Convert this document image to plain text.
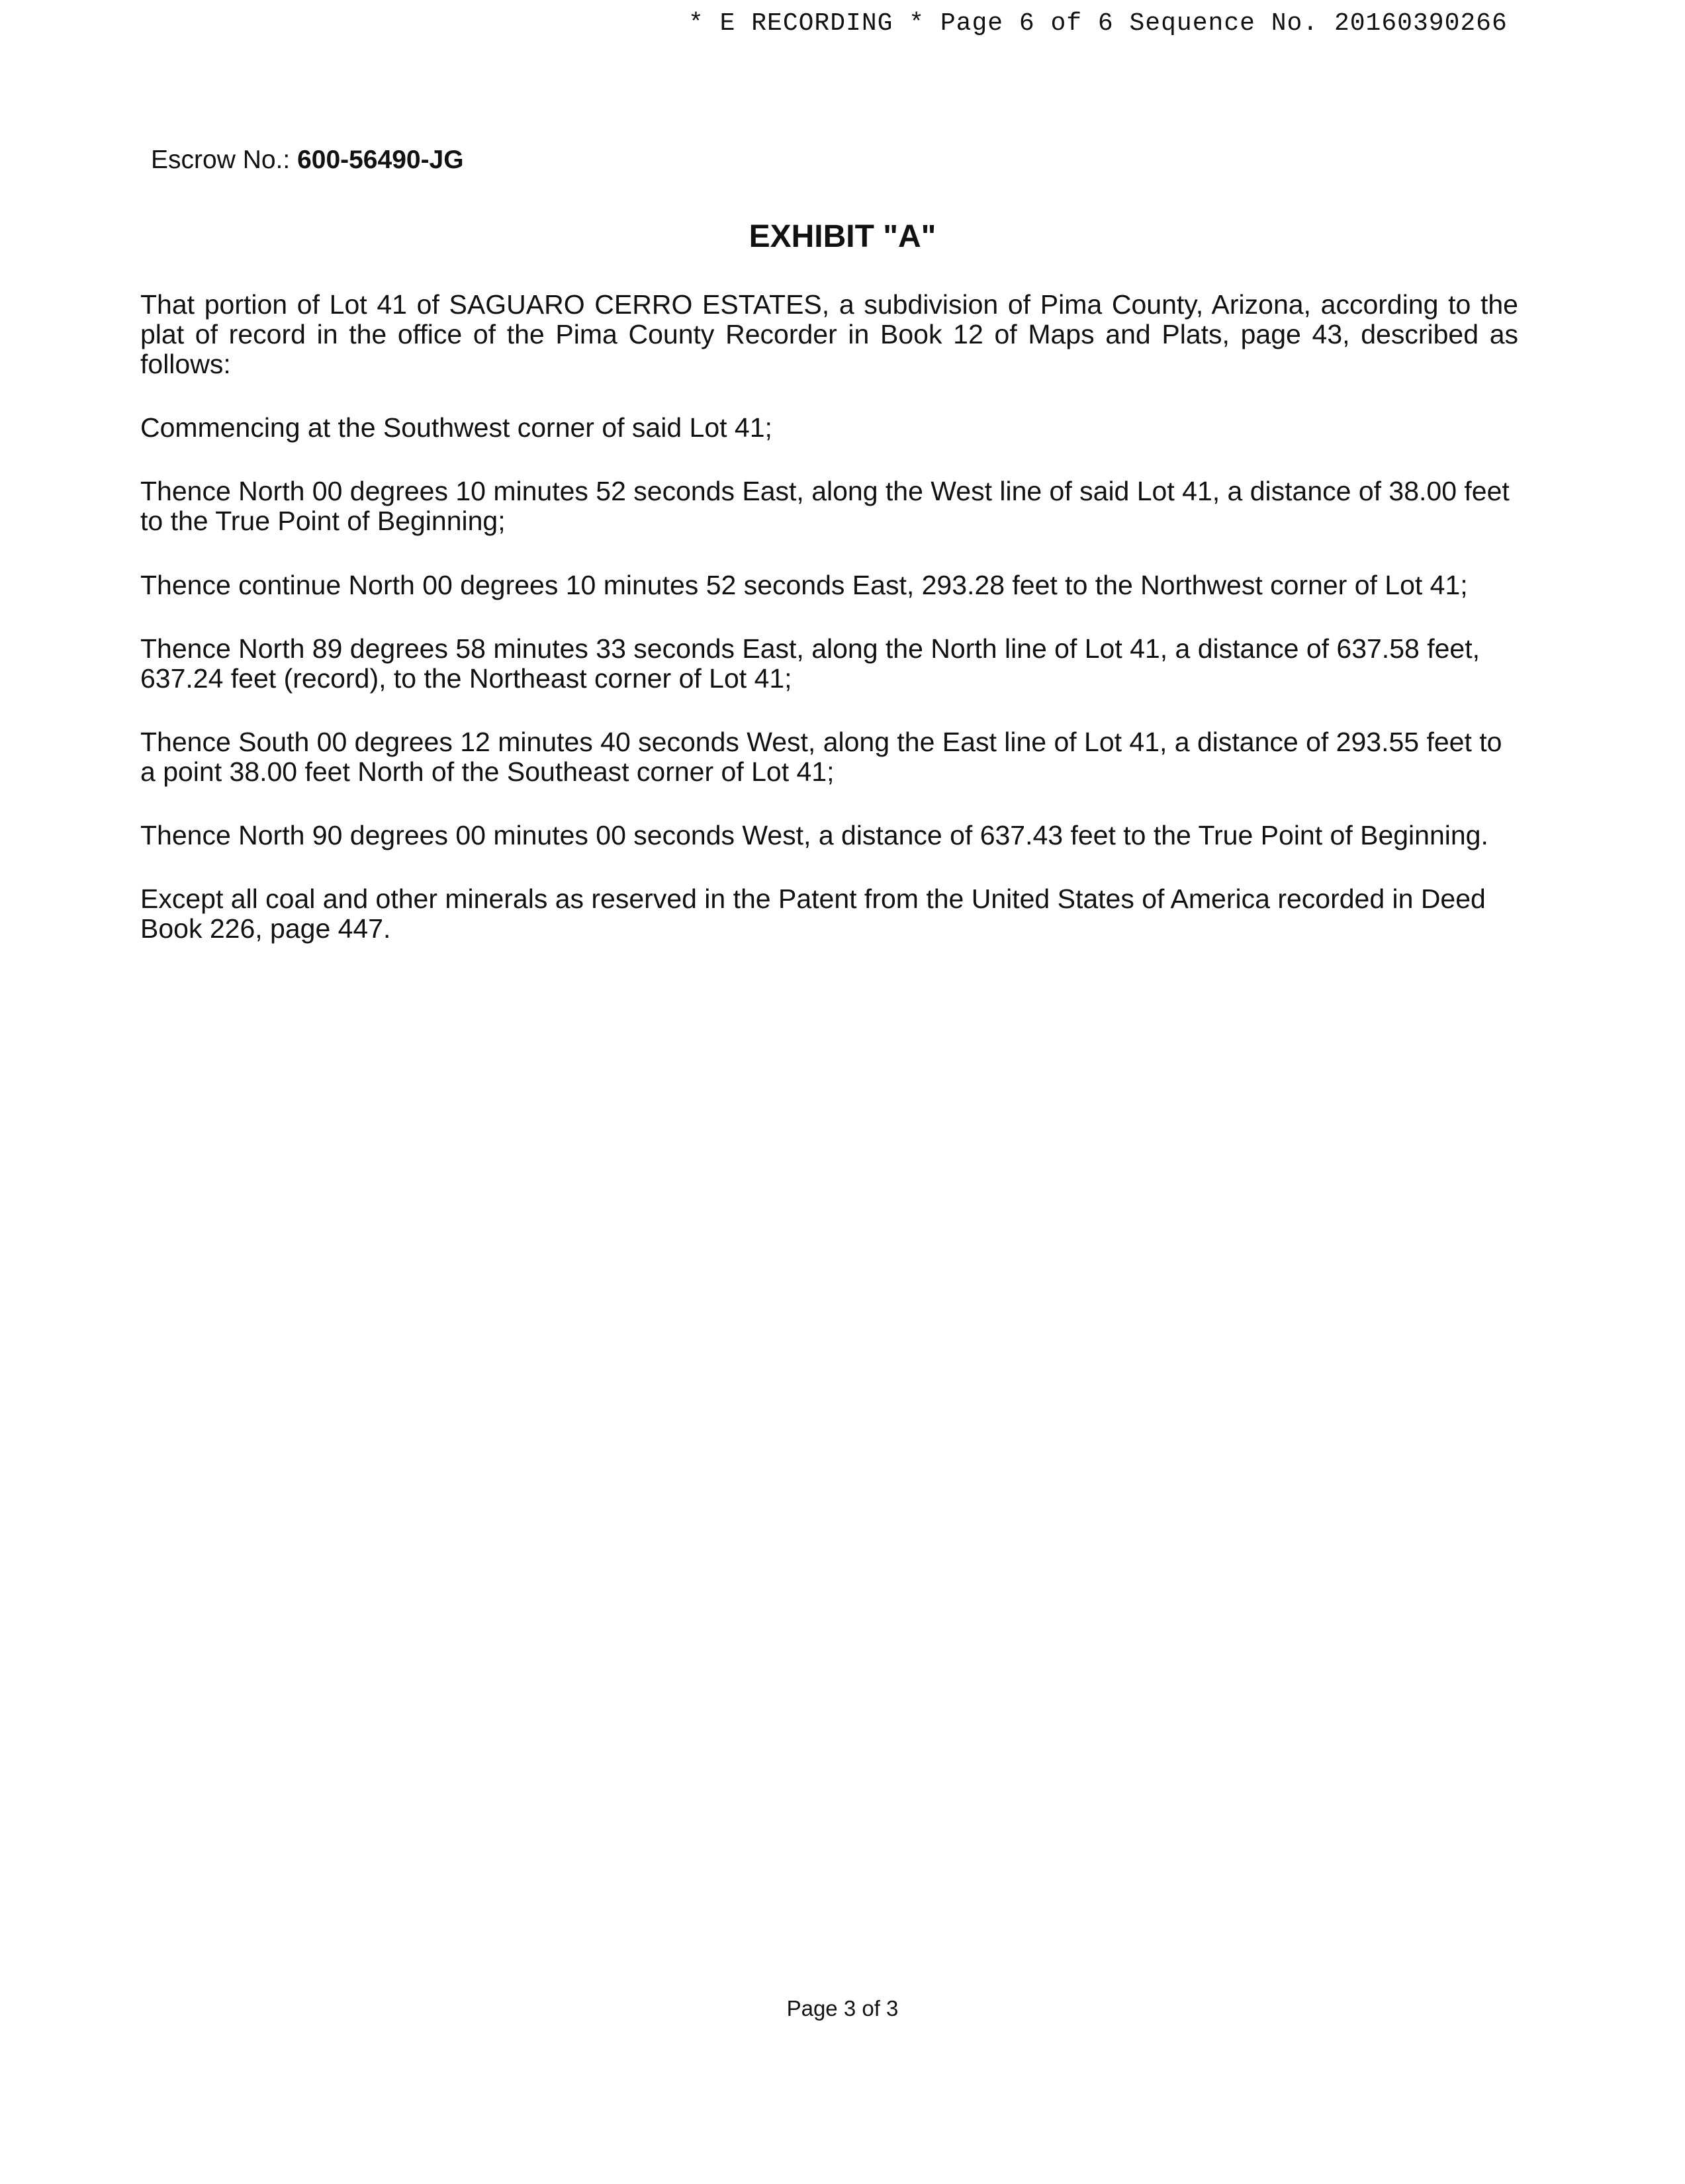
* E RECORDING * Page 6 of 6 Sequence No. 20160390266
Escrow No.: 600-56490-JG
EXHIBIT "A"

That portion of Lot 41 of SAGUARO CERRO ESTATES, a subdivision of Pima County, Arizona, according to the plat of record in the office of the Pima County Recorder in Book 12 of Maps and Plats, page 43, described as follows:

Commencing at the Southwest corner of said Lot 41;

Thence North 00 degrees 10 minutes 52 seconds East, along the West line of said Lot 41, a distance of 38.00 feet to the True Point of Beginning;

Thence continue North 00 degrees 10 minutes 52 seconds East, 293.28 feet to the Northwest corner of Lot 41;

Thence North 89 degrees 58 minutes 33 seconds East, along the North line of Lot 41, a distance of 637.58 feet, 637.24 feet (record), to the Northeast corner of Lot 41;

Thence South 00 degrees 12 minutes 40 seconds West, along the East line of Lot 41, a distance of 293.55 feet to a point 38.00 feet North of the Southeast corner of Lot 41;

Thence North 90 degrees 00 minutes 00 seconds West, a distance of 637.43 feet to the True Point of Beginning.

Except all coal and other minerals as reserved in the Patent from the United States of America recorded in Deed Book 226, page 447.

Page 3 of 3
